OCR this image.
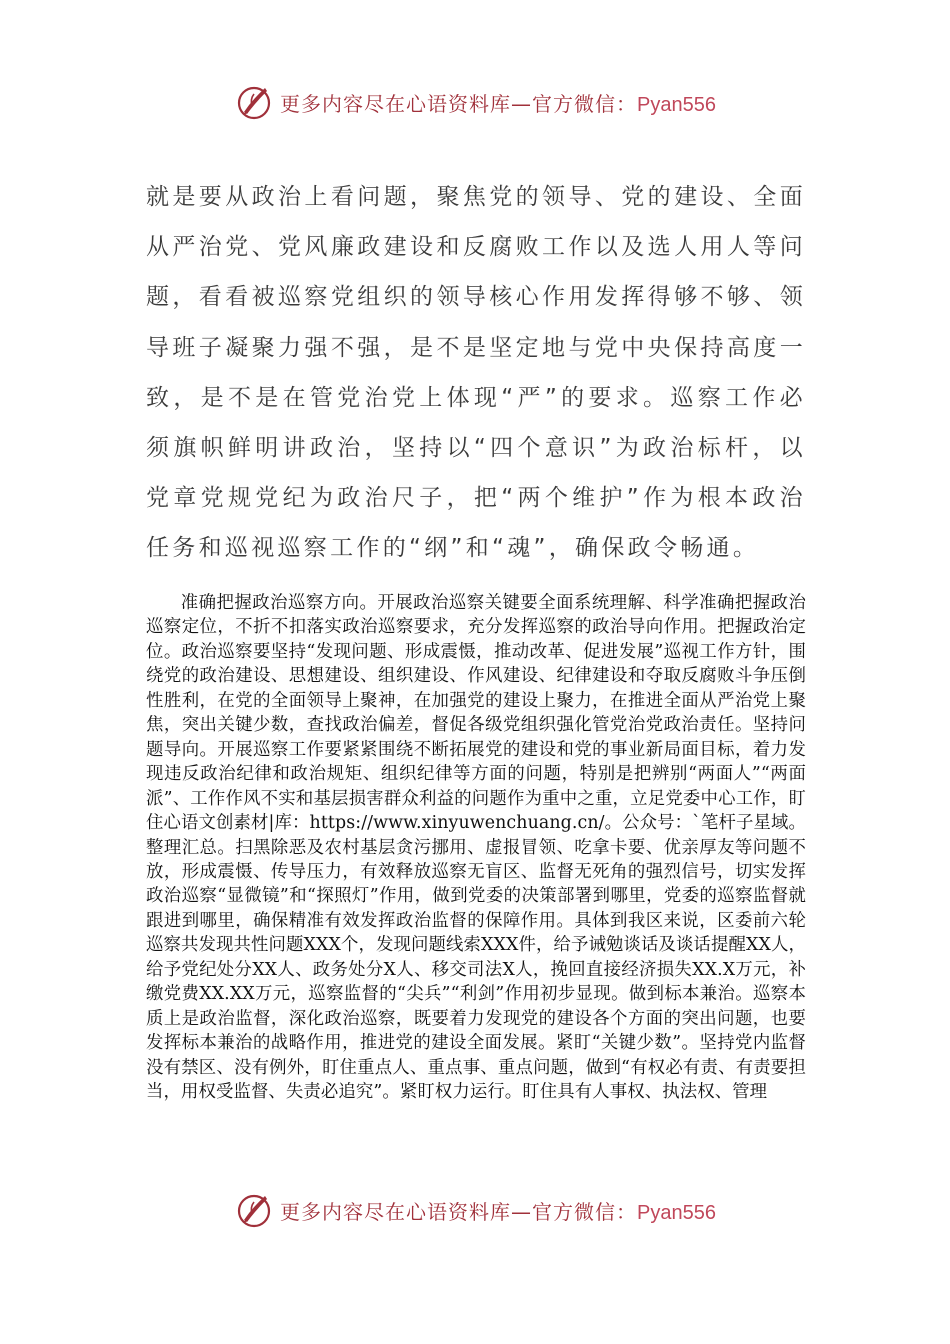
更多内容尽在心语资料库—官方微信：Pyan556

就是要从政治上看问题，聚焦党的领导、党的建设、全面从严治党、党风廉政建设和反腐败工作以及选人用人等问题，看看被巡察党组织的领导核心作用发挥得够不够、领导班子凝聚力强不强，是不是坚定地与党中央保持高度一致，是不是在管党治党上体现“严”的要求。巡察工作必须旗帜鲜明讲政治，坚持以“四个意识”为政治标杆，以党章党规党纪为政治尺子，把“两个维护”作为根本政治任务和巡视巡察工作的“纲”和“魂”，确保政令畅通。

准确把握政治巡察方向。开展政治巡察关键要全面系统理解、科学准确把握政治巡察定位，不折不扣落实政治巡察要求，充分发挥巡察的政治导向作用。把握政治定位。政治巡察要坚持“发现问题、形成震慑，推动改革、促进发展”巡视工作方针，围绕党的政治建设、思想建设、组织建设、作风建设、纪律建设和夺取反腐败斗争压倒性胜利，在党的全面领导上聚神，在加强党的建设上聚力，在推进全面从严治党上聚焦，突出关键少数，查找政治偏差，督促各级党组织强化管党治党政治责任。坚持问题导向。开展巡察工作要紧紧围绕不断拓展党的建设和党的事业新局面目标，着力发现违反政治纪律和政治规矩、组织纪律等方面的问题，特别是把辨别“两面人”“两面派”、工作作风不实和基层损害群众利益的问题作为重中之重，立足党委中心工作，盯住心语文创素材|库：https://www.xinyuwenchuang.cn/。公众号：`笔杆子星域。整理汇总。扫黑除恶及农村基层贪污挪用、虚报冒领、吃拿卡要、优亲厚友等问题不放，形成震慑、传导压力，有效释放巡察无盲区、监督无死角的强烈信号，切实发挥政治巡察“显微镜”和“探照灯”作用，做到党委的决策部署到哪里，党委的巡察监督就跟进到哪里，确保精准有效发挥政治监督的保障作用。具体到我区来说，区委前六轮巡察共发现共性问题XXX个，发现问题线索XXX件，给予诫勉谈话及谈话提醒XX人，给予党纪处分XX人、政务处分X人、移交司法X人，挽回直接经济损失XX.X万元，补缴党费XX.XX万元，巡察监督的“尖兵”“利剑”作用初步显现。做到标本兼治。巡察本质上是政治监督，深化政治巡察，既要着力发现党的建设各个方面的突出问题，也要发挥标本兼治的战略作用，推进党的建设全面发展。紧盯“关键少数”。坚持党内监督没有禁区、没有例外，盯住重点人、重点事、重点问题，做到“有权必有责、有责要担当，用权受监督、失责必追究”。紧盯权力运行。盯住具有人事权、执法权、管理

更多内容尽在心语资料库—官方微信：Pyan556
